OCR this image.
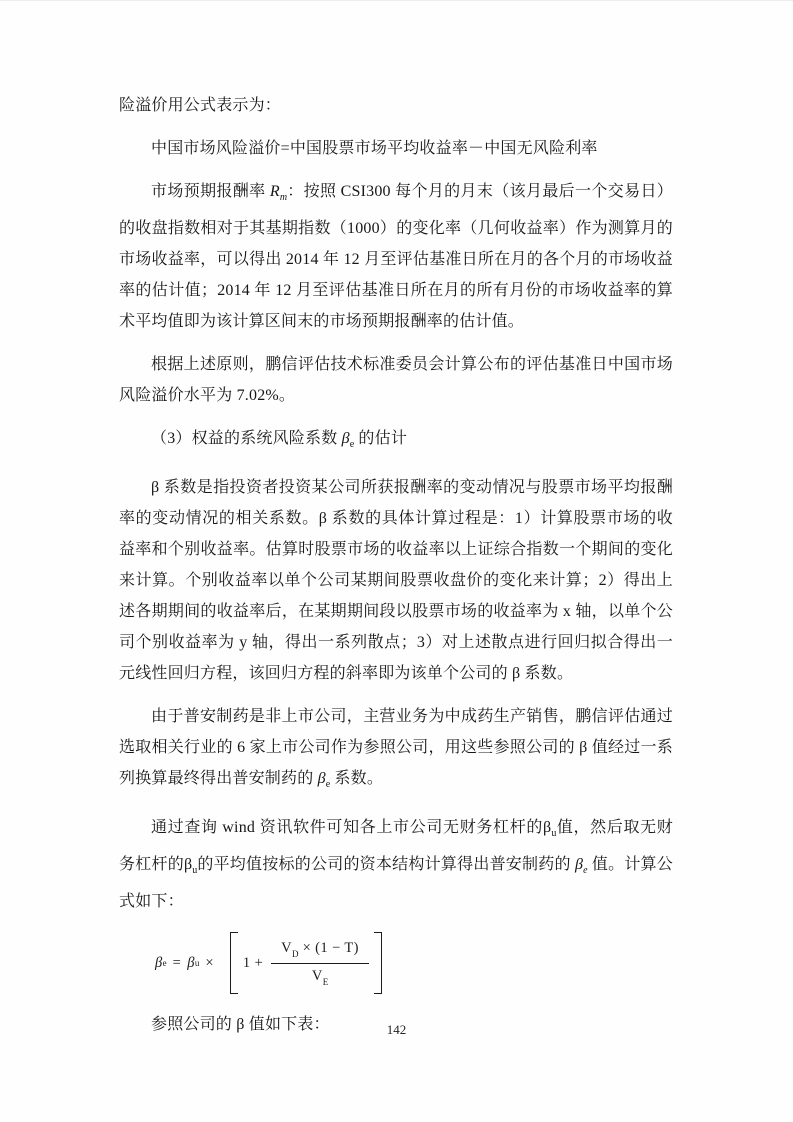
险溢价用公式表示为：

中国市场风险溢价=中国股票市场平均收益率－中国无风险利率

市场预期报酬率 $R_m$：按照 CSI300 每个月的月末（该月最后一个交易日）的收盘指数相对于其基期指数（1000）的变化率（几何收益率）作为测算月的市场收益率，可以得出 2014 年 12 月至评估基准日所在月的各个月的市场收益率的估计值；2014 年 12 月至评估基准日所在月的所有月份的市场收益率的算术平均值即为该计算区间末的市场预期报酬率的估计值。

根据上述原则，鹏信评估技术标准委员会计算公布的评估基准日中国市场风险溢价水平为 7.02%。

（3）权益的系统风险系数 $\beta_e$ 的估计

β 系数是指投资者投资某公司所获报酬率的变动情况与股票市场平均报酬率的变动情况的相关系数。β 系数的具体计算过程是：1）计算股票市场的收益率和个别收益率。估算时股票市场的收益率以上证综合指数一个期间的变化来计算。个别收益率以单个公司某期间股票收盘价的变化来计算；2）得出上述各期期间的收益率后，在某期期间段以股票市场的收益率为 x 轴，以单个公司个别收益率为 y 轴，得出一系列散点；3）对上述散点进行回归拟合得出一元线性回归方程，该回归方程的斜率即为该单个公司的 β 系数。

由于普安制药是非上市公司，主营业务为中成药生产销售，鹏信评估通过选取相关行业的 6 家上市公司作为参照公司，用这些参照公司的 β 值经过一系列换算最终得出普安制药的 $\beta_e$ 系数。

通过查询 wind 资讯软件可知各上市公司无财务杠杆的$\beta_u$值，然后取无财务杠杆的$\beta_u$的平均值按标的公司的资本结构计算得出普安制药的 $\beta_e$ 值。计算公式如下：

β e = β $u \times 1 + \frac{V_D \times (1 - T)}{V_E}$

参照公司的 β 值如下表：	142
